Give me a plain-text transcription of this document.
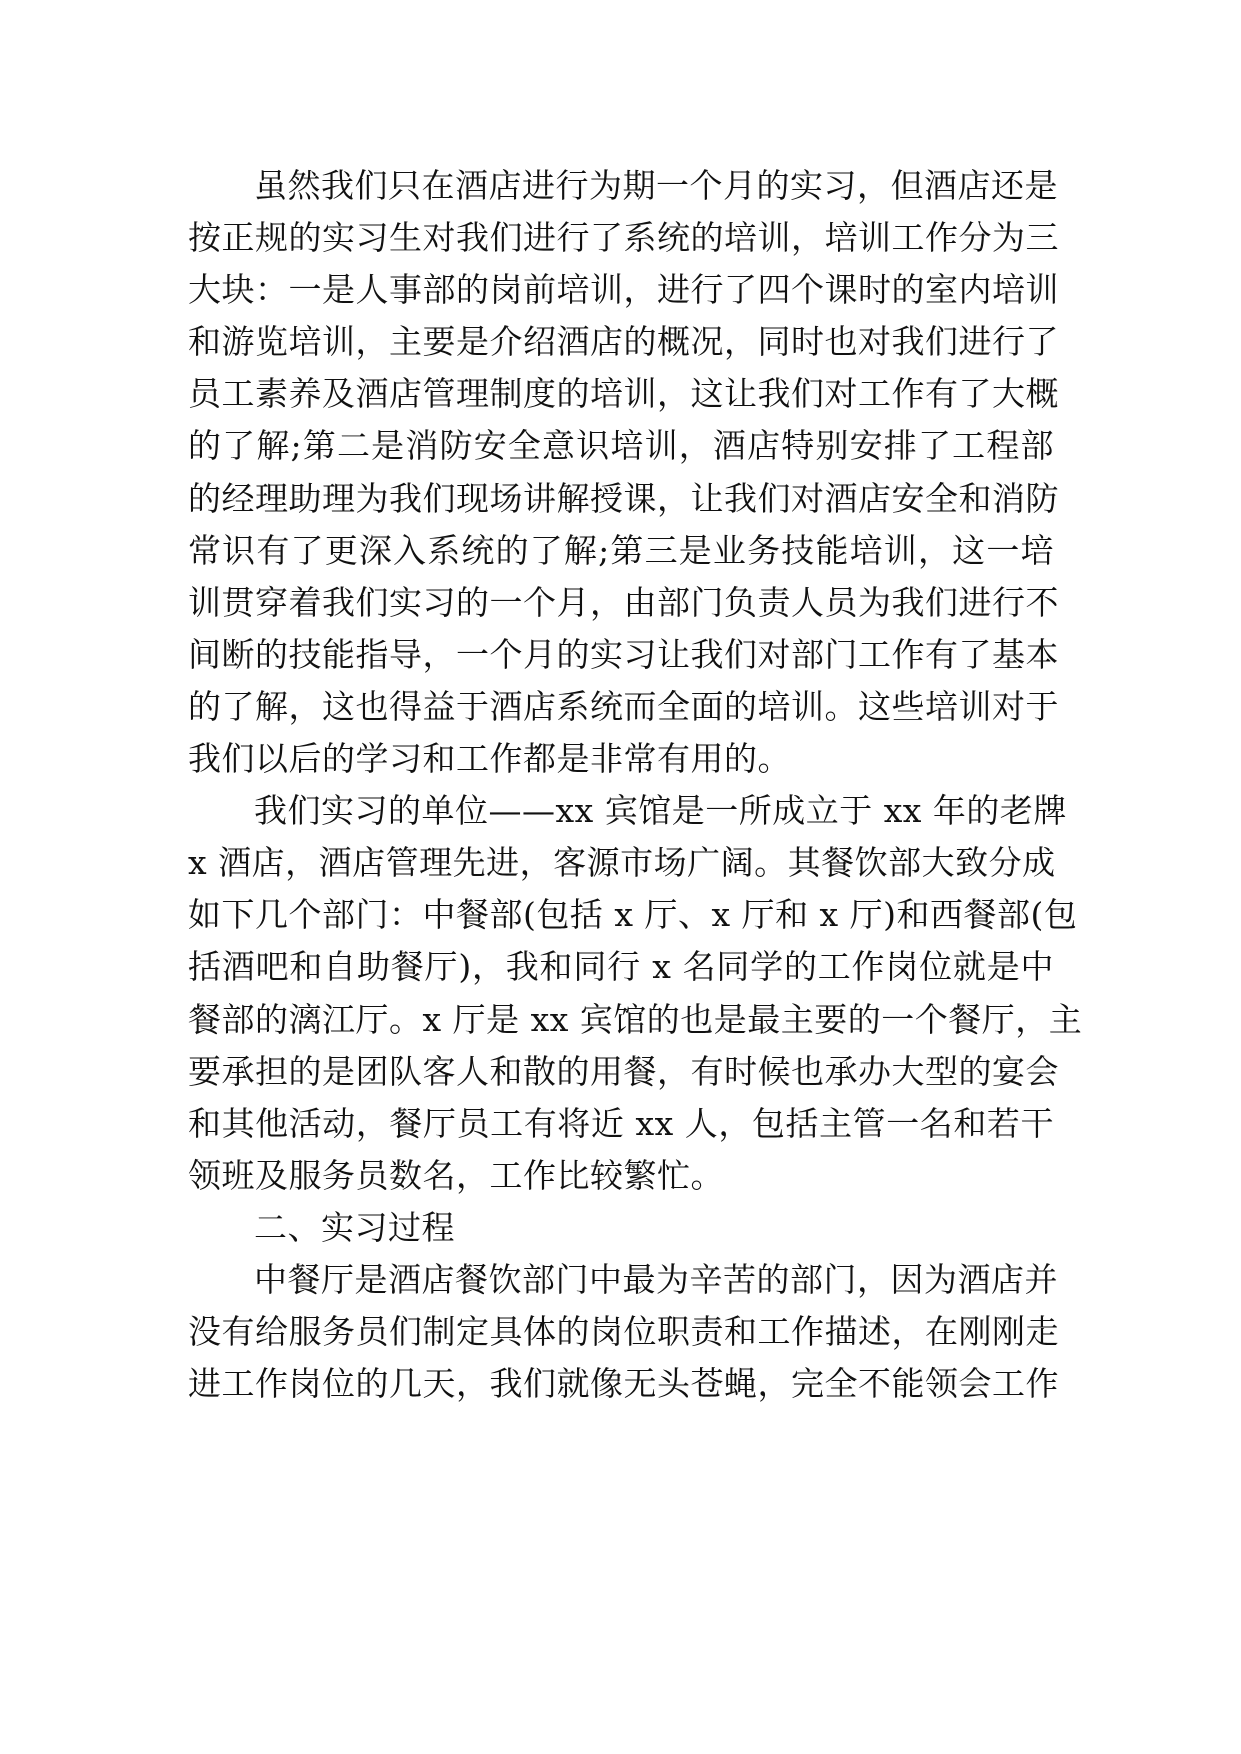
虽然我们只在酒店进行为期一个月的实习，但酒店还是
按正规的实习生对我们进行了系统的培训，培训工作分为三
大块：一是人事部的岗前培训，进行了四个课时的室内培训
和游览培训，主要是介绍酒店的概况，同时也对我们进行了
员工素养及酒店管理制度的培训，这让我们对工作有了大概
的了解;第二是消防安全意识培训，酒店特别安排了工程部
的经理助理为我们现场讲解授课，让我们对酒店安全和消防
常识有了更深入系统的了解;第三是业务技能培训，这一培
训贯穿着我们实习的一个月，由部门负责人员为我们进行不
间断的技能指导，一个月的实习让我们对部门工作有了基本
的了解，这也得益于酒店系统而全面的培训。这些培训对于
我们以后的学习和工作都是非常有用的。
我们实习的单位——xx 宾馆是一所成立于 xx 年的老牌
x 酒店，酒店管理先进，客源市场广阔。其餐饮部大致分成
如下几个部门：中餐部(包括 x 厅、x 厅和 x 厅)和西餐部(包
括酒吧和自助餐厅)，我和同行 x 名同学的工作岗位就是中
餐部的漓江厅。x 厅是 xx 宾馆的也是最主要的一个餐厅，主
要承担的是团队客人和散的用餐，有时候也承办大型的宴会
和其他活动，餐厅员工有将近 xx 人，包括主管一名和若干
领班及服务员数名，工作比较繁忙。
二、实习过程
中餐厅是酒店餐饮部门中最为辛苦的部门，因为酒店并
没有给服务员们制定具体的岗位职责和工作描述，在刚刚走
进工作岗位的几天，我们就像无头苍蝇，完全不能领会工作
